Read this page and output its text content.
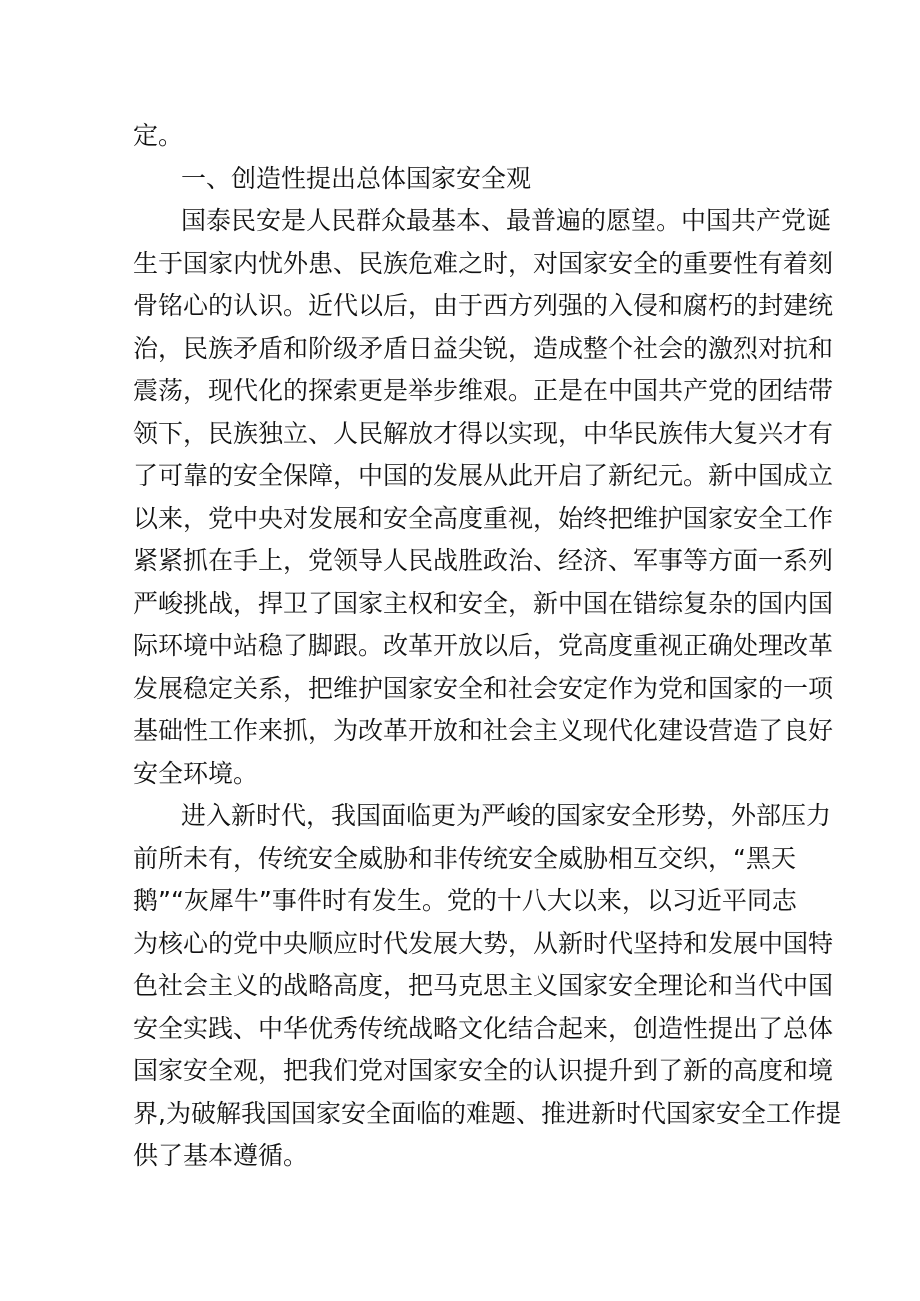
定。
一、创造性提出总体国家安全观
国泰民安是人民群众最基本、最普遍的愿望。中国共产党诞
生于国家内忧外患、民族危难之时，对国家安全的重要性有着刻
骨铭心的认识。近代以后，由于西方列强的入侵和腐朽的封建统
治，民族矛盾和阶级矛盾日益尖锐，造成整个社会的激烈对抗和
震荡，现代化的探索更是举步维艰。正是在中国共产党的团结带
领下，民族独立、人民解放才得以实现，中华民族伟大复兴才有
了可靠的安全保障，中国的发展从此开启了新纪元。新中国成立
以来，党中央对发展和安全高度重视，始终把维护国家安全工作
紧紧抓在手上，党领导人民战胜政治、经济、军事等方面一系列
严峻挑战，捍卫了国家主权和安全，新中国在错综复杂的国内国
际环境中站稳了脚跟。改革开放以后，党高度重视正确处理改革
发展稳定关系，把维护国家安全和社会安定作为党和国家的一项
基础性工作来抓，为改革开放和社会主义现代化建设营造了良好
安全环境。
进入新时代，我国面临更为严峻的国家安全形势，外部压力
前所未有，传统安全威胁和非传统安全威胁相互交织，“黑天
鹅”“灰犀牛”事件时有发生。党的十八大以来，以习近平同志
为核心的党中央顺应时代发展大势，从新时代坚持和发展中国特
色社会主义的战略高度，把马克思主义国家安全理论和当代中国
安全实践、中华优秀传统战略文化结合起来，创造性提出了总体
国家安全观，把我们党对国家安全的认识提升到了新的高度和境
界,为破解我国国家安全面临的难题、推进新时代国家安全工作提
供了基本遵循。
